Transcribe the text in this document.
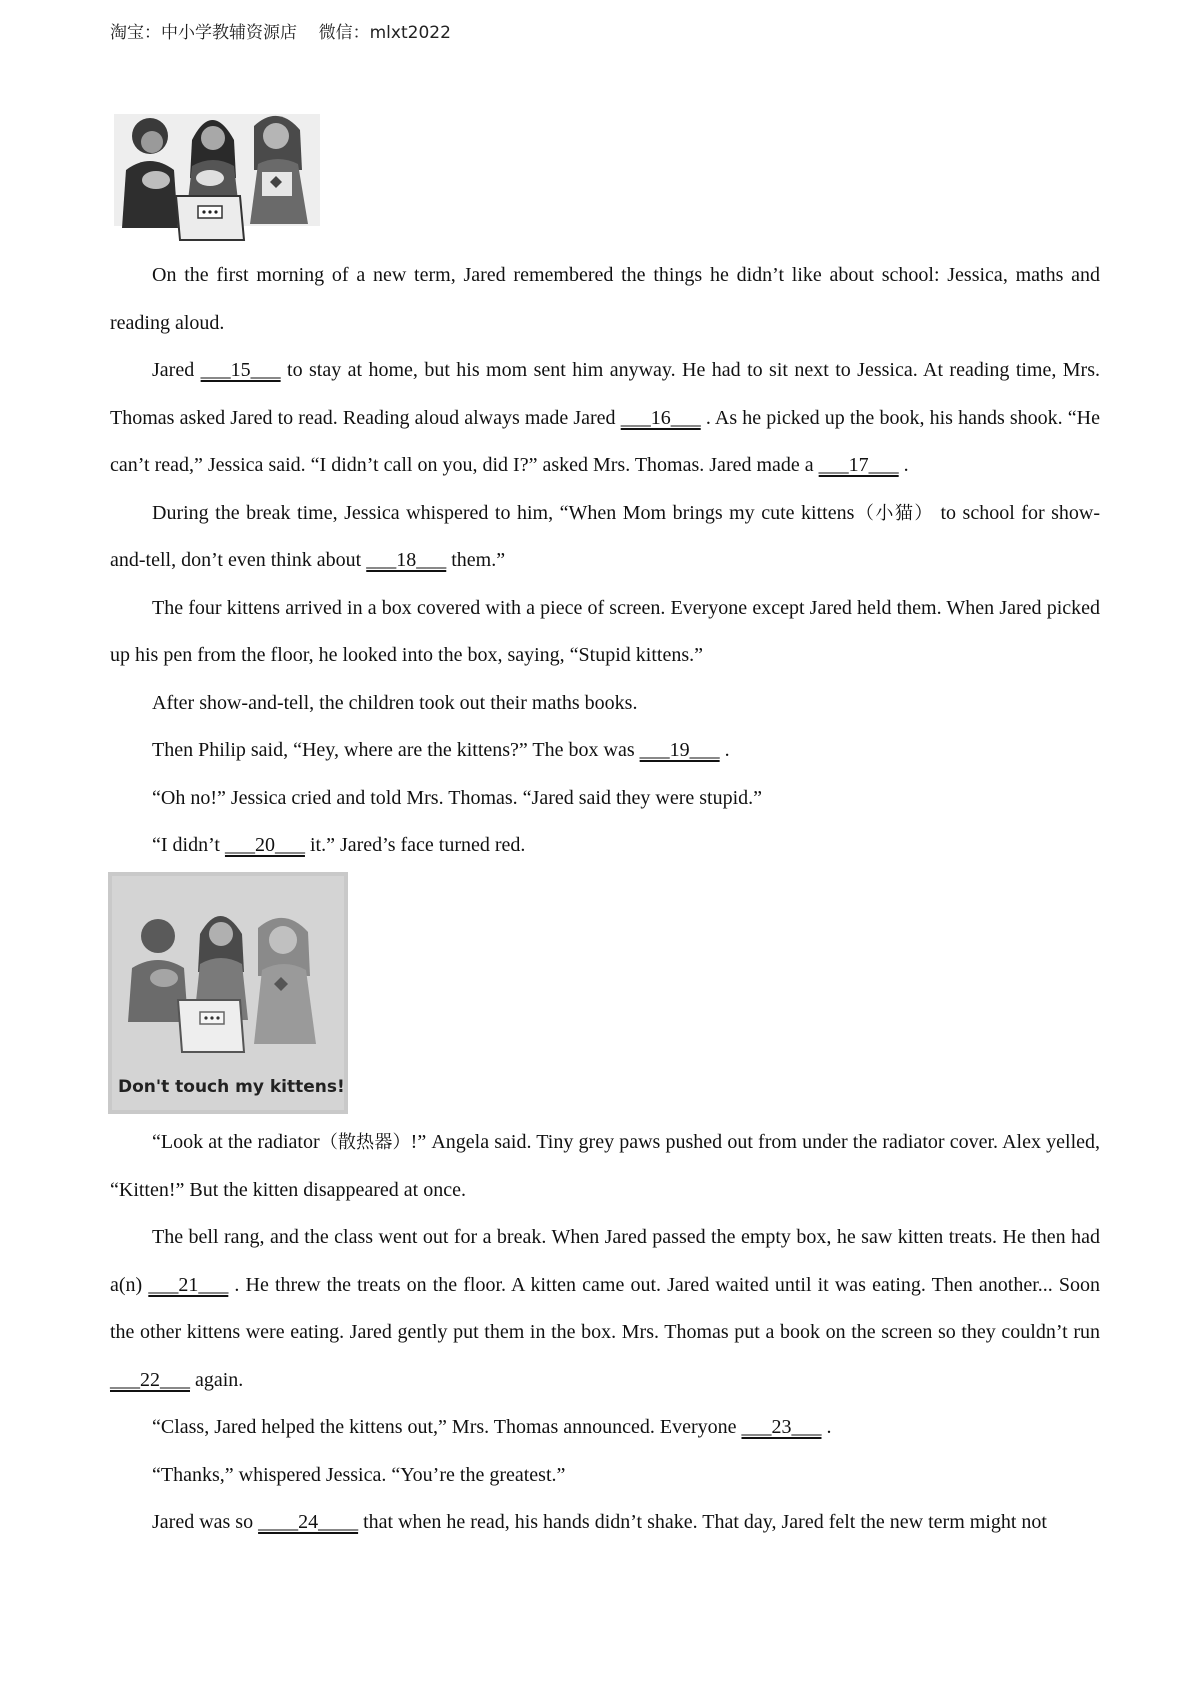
淘宝：中小学教辅资源店    微信：mlxt2022

On the first morning of a new term, Jared remembered the things he didn’t like about school: Jessica, maths and reading aloud.

Jared ___15___ to stay at home, but his mom sent him anyway. He had to sit next to Jessica. At reading time, Mrs. Thomas asked Jared to read. Reading aloud always made Jared ___16___ . As he picked up the book, his hands shook. “He can’t read,” Jessica said. “I didn’t call on you, did I?” asked Mrs. Thomas. Jared made a ___17___ .

During the break time, Jessica whispered to him, “When Mom brings my cute kittens（小猫） to school for show-and-tell, don’t even think about ___18___ them.”

The four kittens arrived in a box covered with a piece of screen. Everyone except Jared held them. When Jared picked up his pen from the floor, he looked into the box, saying, “Stupid kittens.”

After show-and-tell, the children took out their maths books.

Then Philip said, “Hey, where are the kittens?” The box was ___19___ .

“Oh no!” Jessica cried and told Mrs. Thomas. “Jared said they were stupid.”

“I didn’t ___20___ it.” Jared’s face turned red.

Don't touch my kittens!

“Look at the radiator（散热器）!” Angela said. Tiny grey paws pushed out from under the radiator cover. Alex yelled, “Kitten!” But the kitten disappeared at once.

The bell rang, and the class went out for a break. When Jared passed the empty box, he saw kitten treats. He then had a(n) ___21___ . He threw the treats on the floor. A kitten came out. Jared waited until it was eating. Then another... Soon the other kittens were eating. Jared gently put them in the box. Mrs. Thomas put a book on the screen so they couldn’t run ___22___ again.

“Class, Jared helped the kittens out,” Mrs. Thomas announced. Everyone ___23___ .

“Thanks,” whispered Jessica. “You’re the greatest.”

Jared was so ____24____ that when he read, his hands didn’t shake. That day, Jared felt the new term might not
